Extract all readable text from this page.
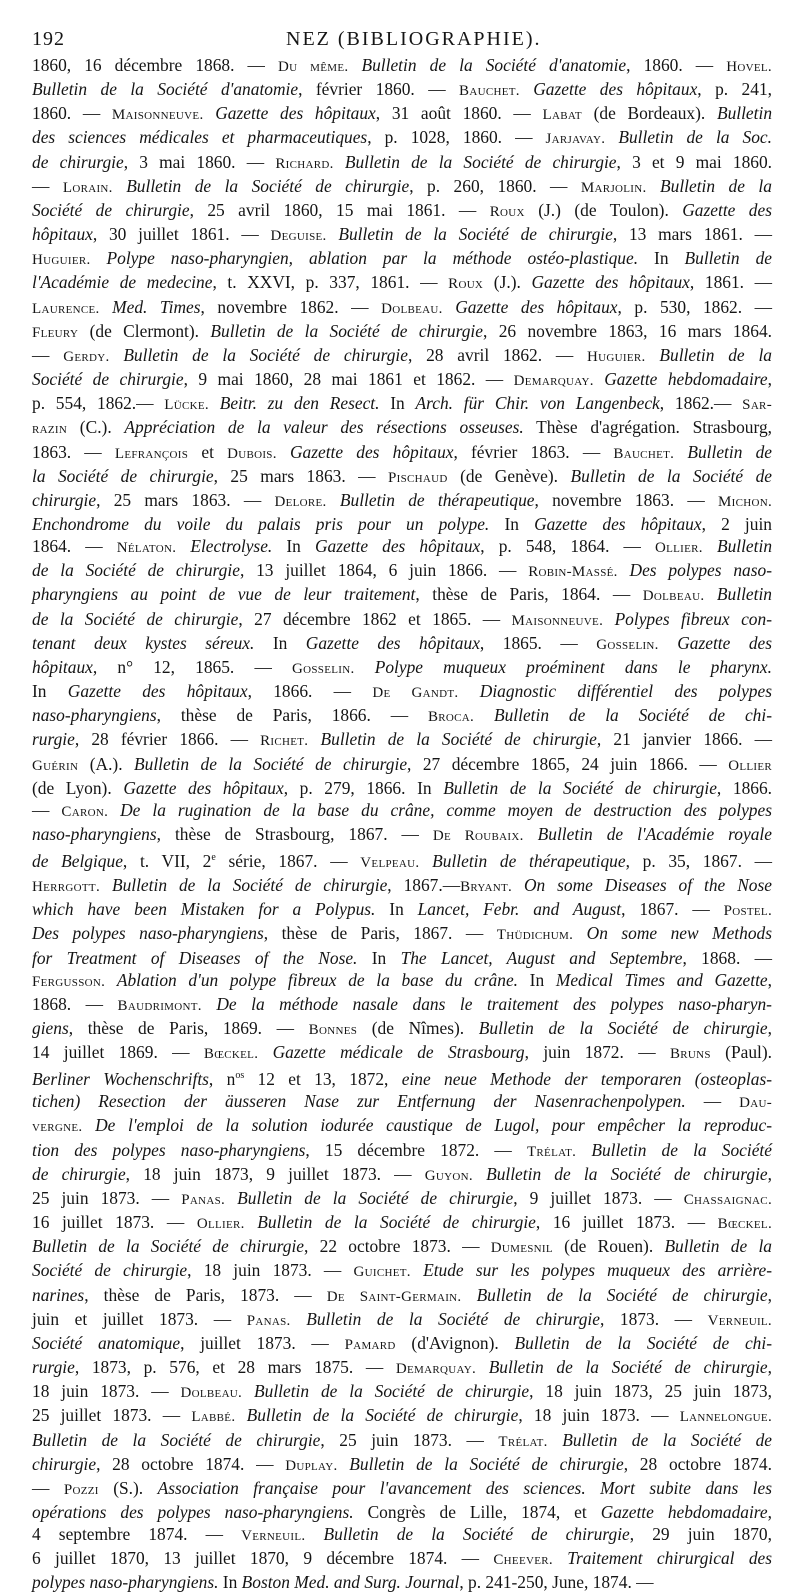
192	NEZ (BIBLIOGRAPHIE).
1860, 16 décembre 1868. — Du même. Bulletin de la Société d'anatomie, 1860. — Hovel.
Bulletin de la Société d'anatomie, février 1860. — Bauchet. Gazette des hôpitaux, p. 241,
1860. — Maisonneuve. Gazette des hôpitaux, 31 août 1860. — Labat (de Bordeaux). Bulletin
des sciences médicales et pharmaceutiques, p. 1028, 1860. — Jarjavay. Bulletin de la Soc.
de chirurgie, 3 mai 1860. — Richard. Bulletin de la Société de chirurgie, 3 et 9 mai 1860.
— Lorain. Bulletin de la Société de chirurgie, p. 260, 1860. — Marjolin. Bulletin de la
Société de chirurgie, 25 avril 1860, 15 mai 1861. — Roux (J.) (de Toulon). Gazette des
hôpitaux, 30 juillet 1861. — Deguise. Bulletin de la Société de chirurgie, 13 mars 1861. —
Huguier. Polype naso-pharyngien, ablation par la méthode ostéo-plastique. In Bulletin de
l'Académie de medecine, t. XXVI, p. 337, 1861. — Roux (J.). Gazette des hôpitaux, 1861. —
Laurence. Med. Times, novembre 1862. — Dolbeau. Gazette des hôpitaux, p. 530, 1862. —
Fleury (de Clermont). Bulletin de la Société de chirurgie, 26 novembre 1863, 16 mars 1864.
— Gerdy. Bulletin de la Société de chirurgie, 28 avril 1862. — Huguier. Bulletin de la
Société de chirurgie, 9 mai 1860, 28 mai 1861 et 1862. — Demarquay. Gazette hebdomadaire,
p. 554, 1862.— Lücke. Beitr. zu den Resect. In Arch. für Chir. von Langenbeck, 1862.— Sar-
razin (C.). Appréciation de la valeur des résections osseuses. Thèse d'agrégation. Strasbourg,
1863. — Lefrançois et Dubois. Gazette des hôpitaux, février 1863. — Bauchet. Bulletin de
la Société de chirurgie, 25 mars 1863. — Pischaud (de Genève). Bulletin de la Société de
chirurgie, 25 mars 1863. — Delore. Bulletin de thérapeutique, novembre 1863. — Michon.
Enchondrome du voile du palais pris pour un polype. In Gazette des hôpitaux, 2 juin
1864. — Nélaton. Electrolyse. In Gazette des hôpitaux, p. 548, 1864. — Ollier. Bulletin
de la Société de chirurgie, 13 juillet 1864, 6 juin 1866. — Robin-Massé. Des polypes naso-
pharyngiens au point de vue de leur traitement, thèse de Paris, 1864. — Dolbeau. Bulletin
de la Société de chirurgie, 27 décembre 1862 et 1865. — Maisonneuve. Polypes fibreux con-
tenant deux kystes séreux. In Gazette des hôpitaux, 1865. — Gosselin. Gazette des
hôpitaux, n° 12, 1865. — Gosselin. Polype muqueux proéminent dans le pharynx.
In Gazette des hôpitaux, 1866. — De Gandt. Diagnostic différentiel des polypes
naso-pharyngiens, thèse de Paris, 1866. — Broca. Bulletin de la Société de chi-
rurgie, 28 février 1866. — Richet. Bulletin de la Société de chirurgie, 21 janvier 1866. —
Guérin (A.). Bulletin de la Société de chirurgie, 27 décembre 1865, 24 juin 1866. — Ollier
(de Lyon). Gazette des hôpitaux, p. 279, 1866. In Bulletin de la Société de chirurgie, 1866.
— Caron. De la rugination de la base du crâne, comme moyen de destruction des polypes
naso-pharyngiens, thèse de Strasbourg, 1867. — De Roubaix. Bulletin de l'Académie royale
de Belgique, t. VII, 2e série, 1867. — Velpeau. Bulletin de thérapeutique, p. 35, 1867. —
Herrgott. Bulletin de la Société de chirurgie, 1867.—Bryant. On some Diseases of the Nose
which have been Mistaken for a Polypus. In Lancet, Febr. and August, 1867. — Postel.
Des polypes naso-pharyngiens, thèse de Paris, 1867. — Thüdichum. On some new Methods
for Treatment of Diseases of the Nose. In The Lancet, August and Septembre, 1868. —
Fergusson. Ablation d'un polype fibreux de la base du crâne. In Medical Times and Gazette,
1868. — Baudrimont. De la méthode nasale dans le traitement des polypes naso-pharyn-
giens, thèse de Paris, 1869. — Bonnes (de Nîmes). Bulletin de la Société de chirurgie,
14 juillet 1869. — Bœckel. Gazette médicale de Strasbourg, juin 1872. — Bruns (Paul).
Berliner Wochenschrifts, $n^{os}$ 12 et 13, 1872, eine neue Methode der temporaren (osteoplas-
tichen) Resection der äusseren Nase zur Entfernung der Nasenrachenpolypen. — Dau-
vergne. De l'emploi de la solution iodurée caustique de Lugol, pour empêcher la reproduc-
tion des polypes naso-pharyngiens, 15 décembre 1872. — Trélat. Bulletin de la Société
de chirurgie, 18 juin 1873, 9 juillet 1873. — Guyon. Bulletin de la Société de chirurgie,
25 juin 1873. — Panas. Bulletin de la Société de chirurgie, 9 juillet 1873. — Chassaignac.
16 juillet 1873. — Ollier. Bulletin de la Société de chirurgie, 16 juillet 1873. — Bœckel.
Bulletin de la Société de chirurgie, 22 octobre 1873. — Dumesnil (de Rouen). Bulletin de la
Société de chirurgie, 18 juin 1873. — Guichet. Etude sur les polypes muqueux des arrière-
narines, thèse de Paris, 1873. — De Saint-Germain. Bulletin de la Société de chirurgie,
juin et juillet 1873. — Panas. Bulletin de la Société de chirurgie, 1873. — Verneuil.
Société anatomique, juillet 1873. — Pamard (d'Avignon). Bulletin de la Société de chi-
rurgie, 1873, p. 576, et 28 mars 1875. — Demarquay. Bulletin de la Société de chirurgie,
18 juin 1873. — Dolbeau. Bulletin de la Société de chirurgie, 18 juin 1873, 25 juin 1873,
25 juillet 1873. — Labbé. Bulletin de la Société de chirurgie, 18 juin 1873. — Lannelongue.
Bulletin de la Société de chirurgie, 25 juin 1873. — Trélat. Bulletin de la Société de
chirurgie, 28 octobre 1874. — Duplay. Bulletin de la Société de chirurgie, 28 octobre 1874.
— Pozzi (S.). Association française pour l'avancement des sciences. Mort subite dans les
opérations des polypes naso-pharyngiens. Congrès de Lille, 1874, et Gazette hebdomadaire,
4 septembre 1874. — Verneuil. Bulletin de la Société de chirurgie, 29 juin 1870,
6 juillet 1870, 13 juillet 1870, 9 décembre 1874. — Cheever. Traitement chirurgical des
polypes naso-pharyngiens. In Boston Med. and Surg. Journal, p. 241-250, June, 1874. —
